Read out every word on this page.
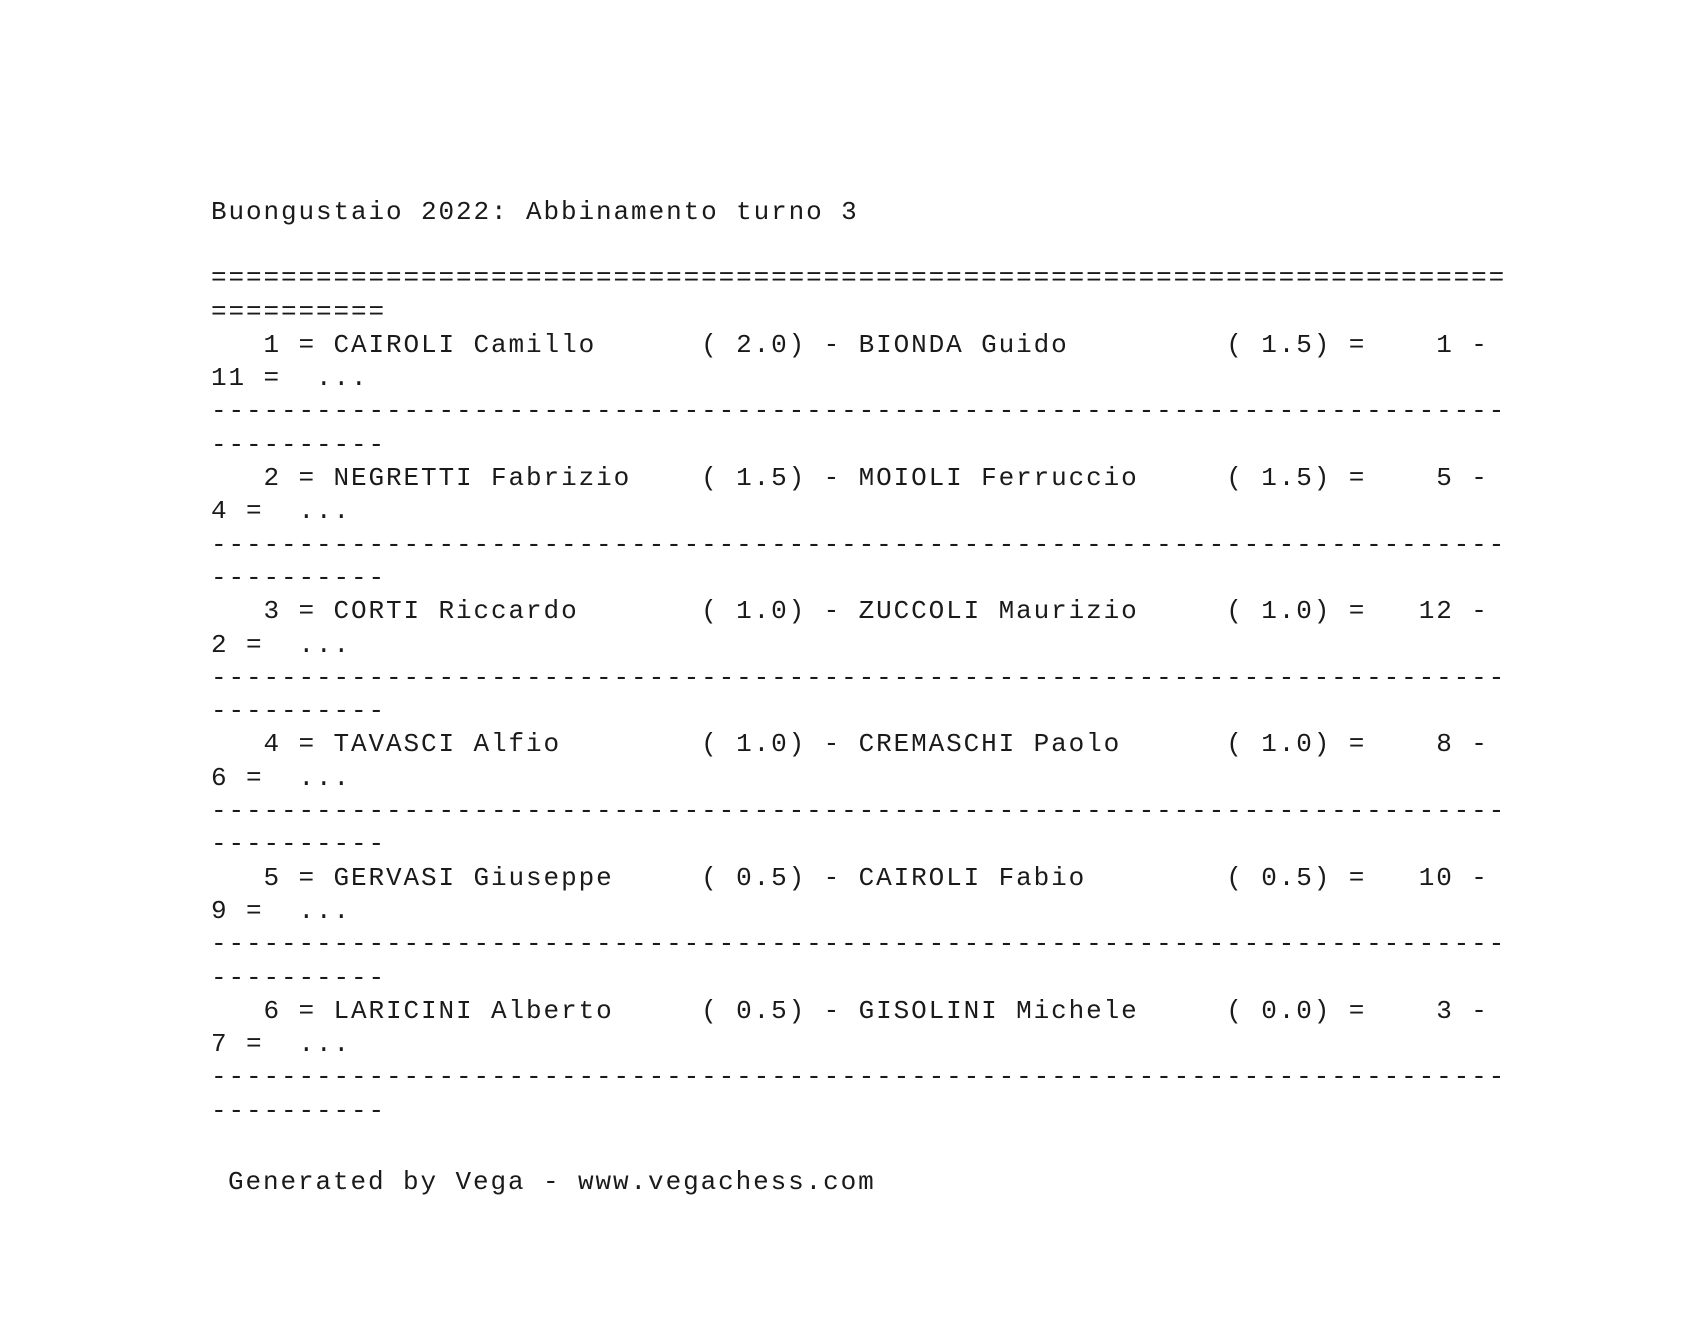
Buongustaio 2022: Abbinamento turno 3
==========================================================================
==========
1 = CAIROLI Camillo      ( 2.0) - BIONDA Guido         ( 1.5) =    1 -
11 =  ...
--------------------------------------------------------------------------
----------
2 = NEGRETTI Fabrizio    ( 1.5) - MOIOLI Ferruccio     ( 1.5) =    5 -
4 =  ...
--------------------------------------------------------------------------
----------
3 = CORTI Riccardo       ( 1.0) - ZUCCOLI Maurizio     ( 1.0) =   12 -
2 =  ...
--------------------------------------------------------------------------
----------
4 = TAVASCI Alfio        ( 1.0) - CREMASCHI Paolo      ( 1.0) =    8 -
6 =  ...
--------------------------------------------------------------------------
----------
5 = GERVASI Giuseppe     ( 0.5) - CAIROLI Fabio        ( 0.5) =   10 -
9 =  ...
--------------------------------------------------------------------------
----------
6 = LARICINI Alberto     ( 0.5) - GISOLINI Michele     ( 0.0) =    3 -
7 =  ...
--------------------------------------------------------------------------
----------
Generated by Vega - www.vegachess.com
